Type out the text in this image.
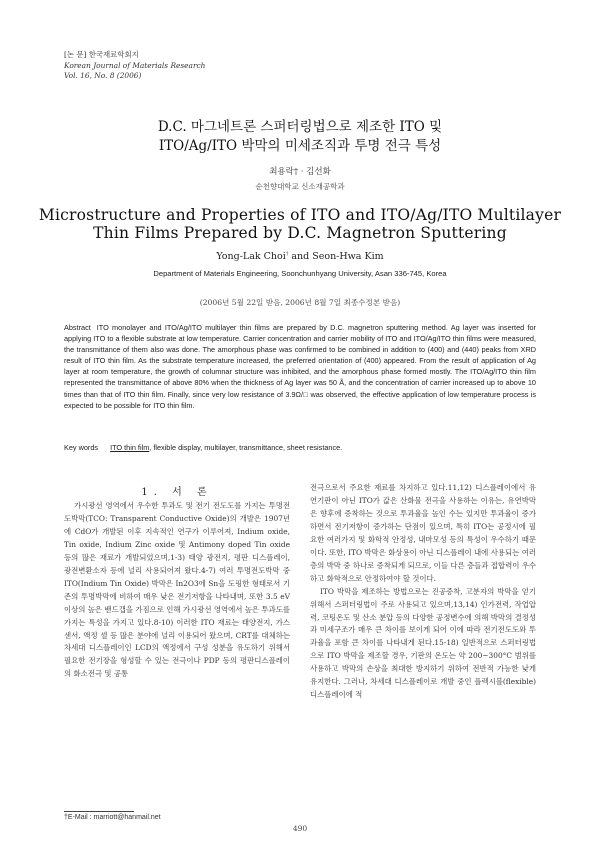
[논 문] 한국재료학회지
Korean Journal of Materials Research
Vol. 16, No. 8 (2006)
D.C. 마그네트론 스퍼터링법으로 제조한 ITO 및
ITO/Ag/ITO 박막의 미세조직과 투명 전극 특성
최용락† · 김선화
순천향대학교 신소재공학과
Microstructure and Properties of ITO and ITO/Ag/ITO Multilayer
Thin Films Prepared by D.C. Magnetron Sputtering
Yong-Lak Choi† and Seon-Hwa Kim
Department of Materials Engineering, Soonchunhyang University, Asan 336-745, Korea
(2006년 5월 22일 받음, 2006년 8월 7일 최종수정본 받음)
Abstract ITO monolayer and ITO/Ag/ITO multilayer thin films are prepared by D.C. magnetron sputtering method. Ag layer was inserted for applying ITO to a flexible substrate at low temperature. Carrier concentration and carrier mobility of ITO and ITO/Ag/ITO thin films were measured, the transmittance of them also was done. The amorphous phase was confirmed to be combined in addition to (400) and (440) peaks from XRD result of ITO thin film. As the substrate temperature increased, the preferred orientation of (400) appeared. From the result of application of Ag layer at room temperature, the growth of columnar structure was inhibited, and the amorphous phase formed mostly. The ITO/Ag/ITO thin film represented the transmittance of above 80% when the thickness of Ag layer was 50 Å, and the concentration of carrier increased up to above 10 times than that of ITO thin film. Finally, since very low resistance of 3.9Ω/□ was observed, the effective application of low temperature process is expected to be possible for ITO thin film.
Key words ITO thin film, flexible display, multilayer, transmittance, sheet resistance.
1. 서 론

가시광선 영역에서 우수한 투과도 및 전기 전도도를 가지는 투명전도박막(TCO: Transparent Conductive Oxide)의 개발은 1907년에 CdO가 개발된 이후 지속적인 연구가 이루어져, Indium oxide, Tin oxide, Indium Zinc oxide 및 Antimony doped Tin oxide 등의 많은 재료가 개발되었으며,1-3) 태양 광전지, 평판 디스플레이, 광전변환소자 등에 널리 사용되어져 왔다.4-7) 여러 투명전도박막 중 ITO(Indium Tin Oxide) 박막은 In2O3에 Sn을 도핑한 형태로서 기존의 투명박막에 비하여 매우 낮은 전기저항을 나타내며, 또한 3.5 eV 이상의 높은 밴드갭을 가짐으로 인해 가시광선 영역에서 높은 투과도를 가지는 특성을 가지고 있다.8-10) 이러한 ITO 재료는 태양전지, 가스 센서, 액정 셀 등 많은 분야에 널리 이용되어 왔으며, CRT를 대체하는 차세대 디스플레이인 LCD의 액정에서 구성 성분을 유도하기 위해서 필요한 전기장을 형성할 수 있는 전극이나 PDP 등의 평판디스플레이의 화소전극 및 공통

전극으로서 주요한 재료를 차지하고 있다.11,12) 디스플레이에서 유연기판이 아닌 ITO가 값은 산화물 전극을 사용하는 이유는, 유연박막은 향후에 증착하는 것으로 투과율을 높인 수는 있지만 투과율이 증가하면서 전기저항이 증가하는 단점이 있으며, 특히 ITO는 공정시에 필요한 여러가지 및 화학적 안정성, 내마모성 등의 특성이 우수하기 때문이다. 또한, ITO 박막은 화상용이 아닌 디스플레이 내에 사용되는 여러 층의 박막 중 하나로 증착되게 되므로, 이들 다른 층들과 접합력이 우수하고 화학적으로 안정하여야 할 것이다.

ITO 박막을 제조하는 방법으로는 진공증착, 고분자의 박막을 얻기 위해서 스퍼터링법이 주로 사용되고 있으며,13,14) 인가전력, 작업압력, 코팅온도 및 산소 분압 등의 다양한 공정변수에 의해 박막의 결정성과 미세구조가 매우 큰 차이를 보이게 되어 이에 따라 전기전도도와 투과율을 포함 큰 차이를 나타내게 된다.15-18) 일반적으로 스퍼터링법으로 ITO 박막을 제조할 경우, 기판의 온도는 약 200~300°C 범위를 사용하고 박막의 손상을 최대한 방지하기 위하여 전반적 가능한 낮게 유지한다. 그러나, 차세대 디스플레이로 개발 중인 플렉시블(flexible) 디스플레이에 적

†E-Mail : marriott@hanmail.net
490
